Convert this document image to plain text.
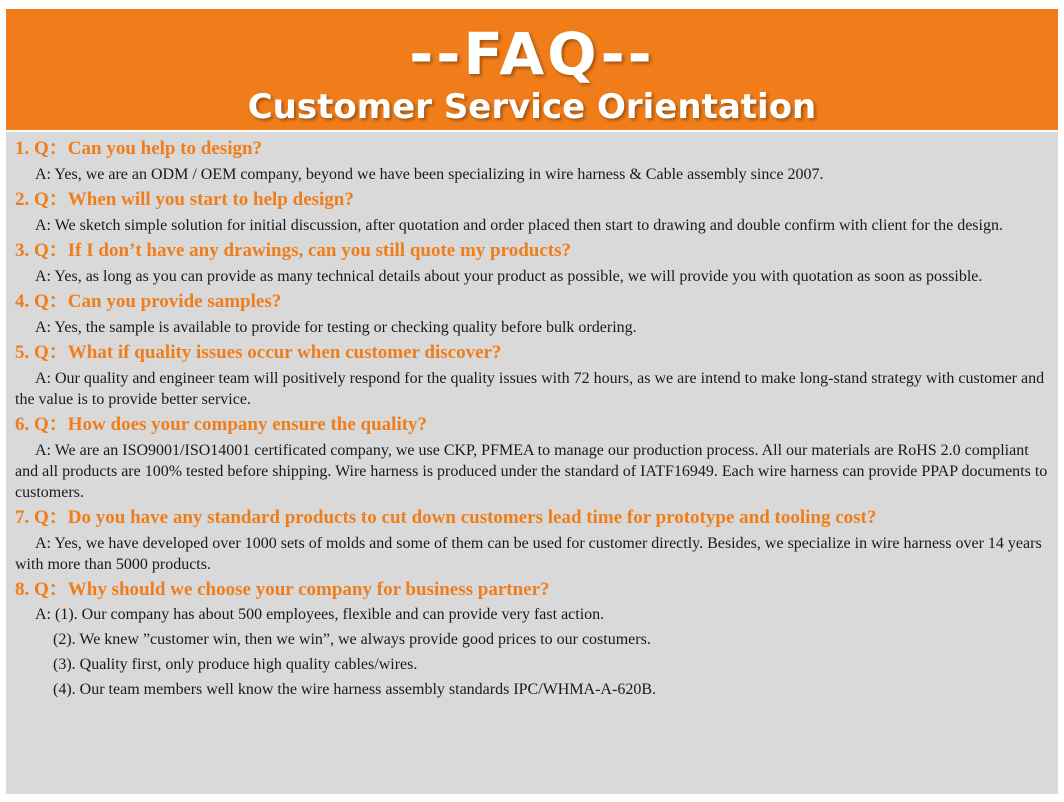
--FAQ--
Customer Service Orientation

1. Q：Can you help to design?

A: Yes, we are an ODM / OEM company, beyond we have been specializing in wire harness & Cable assembly since 2007.

2. Q：When will you start to help design?

A: We sketch simple solution for initial discussion, after quotation and order placed then start to drawing and double confirm with client for the design.

3. Q：If I don’t have any drawings, can you still quote my products?

A: Yes, as long as you can provide as many technical details about your product as possible, we will provide you with quotation as soon as possible.

4. Q：Can you provide samples?

A: Yes, the sample is available to provide for testing or checking quality before bulk ordering.

5. Q：What if quality issues occur when customer discover?

A: Our quality and engineer team will positively respond for the quality issues with 72 hours, as we are intend to make long-stand strategy with customer and the value is to provide better service.

6. Q：How does your company ensure the quality?

A: We are an ISO9001/ISO14001 certificated company, we use CKP, PFMEA to manage our production process. All our materials are RoHS 2.0 compliant and all products are 100% tested before shipping. Wire harness is produced under the standard of IATF16949. Each wire harness can provide PPAP documents to customers.

7. Q：Do you have any standard products to cut down customers lead time for prototype and tooling cost?

A: Yes, we have developed over 1000 sets of molds and some of them can be used for customer directly. Besides, we specialize in wire harness over 14 years with more than 5000 products.

8. Q：Why should we choose your company for business partner?

A: (1). Our company has about 500 employees, flexible and can provide very fast action.
(2). We knew ”customer win, then we win”, we always provide good prices to our costumers.
(3). Quality first, only produce high quality cables/wires.
(4). Our team members well know the wire harness assembly standards IPC/WHMA-A-620B.
